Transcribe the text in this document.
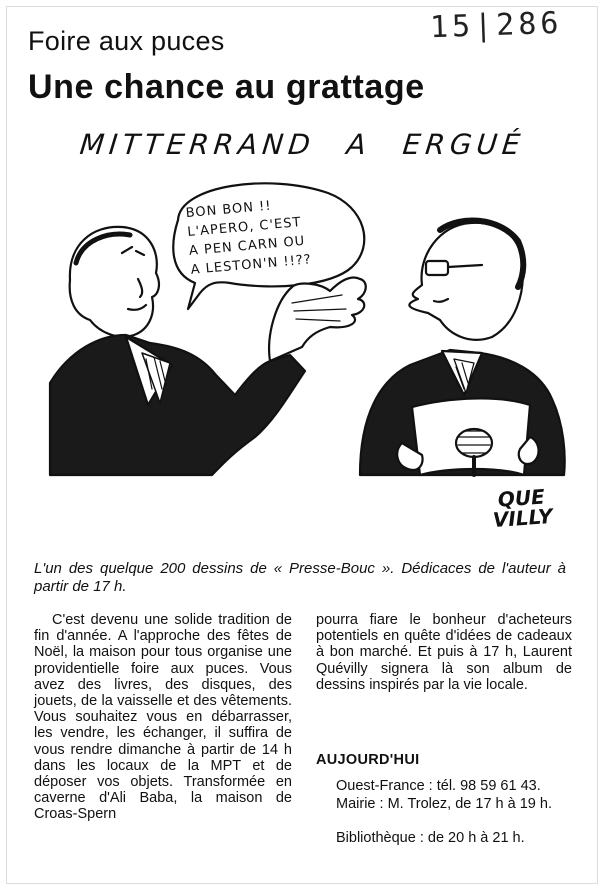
15|286
Foire aux puces
Une chance au grattage
MITTERRAND A ERGUÉ
BON BON !!
L'APERO, C'EST
A PEN CARN OU
A LESTON'N !!??
QUE
VILLY
L'un des quelque 200 dessins de « Presse-Bouc ». Dédicaces de l'auteur à partir de 17 h.

C'est devenu une solide tradition de fin d'année. A l'approche des fêtes de Noël, la maison pour tous organise une providentielle foire aux puces. Vous avez des livres, des disques, des jouets, de la vaisselle et des vêtements. Vous souhaitez vous en débarrasser, les vendre, les échanger, il suffira de vous rendre dimanche à partir de 14 h dans les locaux de la MPT et de déposer vos objets. Transformée en caverne d'Ali Baba, la maison de Croas-Spern

pourra fiare le bonheur d'acheteurs potentiels en quête d'idées de cadeaux à bon marché. Et puis à 17 h, Laurent Quévilly signera là son album de dessins inspirés par la vie locale.

AUJOURD'HUI
Ouest-France : tél. 98 59 61 43.
Mairie : M. Trolez, de 17 h à 19 h.
Bibliothèque : de 20 h à 21 h.
